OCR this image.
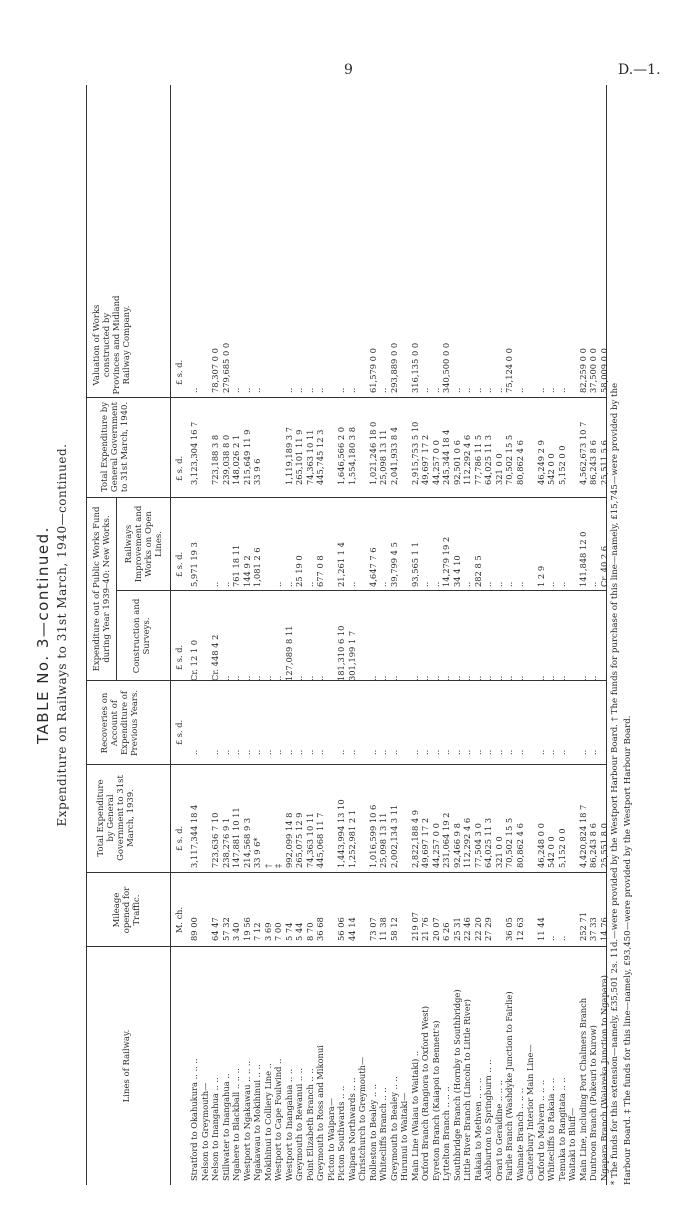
9	D.—1.
TABLE No. 3—continued. Expenditure on Railways to 31st March, 1940—continued.
Lines of Railway.
Mileage opened for Traffic.
Total Expenditure by General Government to 31st March, 1939.
Recoveries on Account of Expenditure of Previous Years.
Expenditure out of Public Works Fund during Year 1939–40: New Works. Construction and Surveys.
Railways Improvement and Works on Open Lines.
Total Expenditure by General Government to 31st March, 1940.
Valuation of Works constructed by Provinces and Midland Railway Company.
M. ch.
£ s. d.
£ s. d.
£ s. d.
£ s. d.
£ s. d.
£ s. d.
Stratford to Okahukura .. .. ..
89 00
3,117,344 18 4
..
Cr. 12 1 0
5,971 19 3
3,123,304 16 7
..
Nelson to Greymouth— Nelson to Inangahua .. ..
64 47
723,636 7 10
..
Cr. 448 4 2
..
723,188 3 8
78,307 0 0
Stillwater to Inangahua ..
57 32
238,276 9 1
..
..
..
239,038 8 0
279,685 0 0
Ngahere to Blackball .. .. ..
3 40
147,881 10 11
..
..
761 18 11
148,026 2 1
..
Westport to Ngakawau .. .. ..
19 56
214,568 9 3
..
..
144 9 2
215,649 11 9
..
Ngakawau to Mokihinui .. ..
7 12
33 9 6*
..
..
1,081 2 6
33 9 6
..
Mokihinui to Colliery Line ..
3 69
†
..
..
Westport to Cape Foulwind ..
7 00
‡
..
..
..
Westport to Inangahua .. ..
5 74
992,099 14 8
..
127,089 8 11
..
1,119,189 3 7
..
Greymouth to Rewanui .. ..
5 44
265,075 12 9
..
..
25 19 0
265,101 11 9
..
Point Elizabeth Branch .. ..
8 70
74,363 10 11
..
..
..
74,363 10 11
..
Greymouth to Ross and Mikonui
36 68
445,068 11 7
..
..
677 0 8
445,745 12 3
..
Picton to Waipara— Picton Southwards .. ..
56 06
1,443,994 13 10
..
181,310 6 10
21,261 1 4
1,646,566 2 0
..
Waipara Northwards .. ..
44 14
1,252,981 2 1
..
301,199 1 7
..
1,554,180 3 8
..
Christchurch to Greymouth— Rolleston to Bealey .. ..
73 07
1,016,599 10 6
..
..
4,647 7 6
1,021,246 18 0
61,579 0 0
Whitecliffs Branch .. ..
11 38
25,098 13 11
..
..
..
25,098 13 11
..
Greymouth to Bealey .. ..
58 12
2,002,134 3 11
..
..
39,799 4 5
2,041,933 8 4
293,889 0 0
Hurunui to Waitaki— Main Line (Waiau to Waitaki) ..
219 07
2,822,188 4 9
..
..
93,565 1 1
2,915,753 5 10
316,135 0 0
Oxford Branch (Rangiora to Oxford West)
21 76
49,697 17 2
..
..
..
49,697 17 2
..
Eyreton Branch (Kaiapoi to Bennett's)
20 07
44,257 0 0
..
..
..
44,257 0 0
..
Lyttelton Branch .. .. ..
6 26
231,064 19 2
..
..
14,279 19 2
245,344 18 4
340,500 0 0
Southbridge Branch (Hornby to Southbridge)
25 31
92,466 9 8
..
..
34 4 10
92,501 0 6
..
Little River Branch (Lincoln to Little River)
22 46
112,292 4 6
..
..
..
112,292 4 6
..
Rakaia to Methven .. .. ..
22 20
77,504 3 0
..
..
282 8 5
77,786 11 5
..
Ashburton to Springburn .. ..
27 29
64,025 11 3
..
..
..
64,025 11 3
..
Orari to Geraldine .. .. ..
321 0 0
..
..
..
321 0 0
..
Fairlie Branch (Washdyke Junction to Fairlie)
36 05
70,502 15 5
..
..
..
70,502 15 5
75,124 0 0
Waimate Branch .. .. ..
12 63
80,862 4 6
..
..
..
80,862 4 6
..
Canterbury Interior Main Line— Oxford to Malvern .. .. ..
11 44
46,248 0 0
..
..
1 2 9
46,249 2 9
..
Whitecliffs to Rakaia .. ..
..
542 0 0
..
..
..
542 0 0
..
Temuka to Rangitata .. ..
..
5,152 0 0
..
..
..
5,152 0 0
..
Waitaki to Bluff— Main Line, including Port Chalmers Branch
252 71
4,420,824 18 7
..
..
141,848 12 0
4,562,673 10 7
82,259 0 0
Duntroon Branch (Pukeuri to Kurow)
37 33
86,243 8 6
..
..
..
86,243 8 6
37,500 0 0
Ngapara Branch (Waiareka Junction to Ngapara)
14 76
25,551 8 0
..
..
Cr. 40 2 6
25,511 5 6
58,009 0 0
* The funds for this extension—namely, £35,501 2s. 11d.—were provided by the Westport Harbour Board. † The funds for purchase of this line—namely, £15,745—were provided by the Harbour Board. ‡ The funds for this line—namely, £93,450—were provided by the Westport Harbour Board.
